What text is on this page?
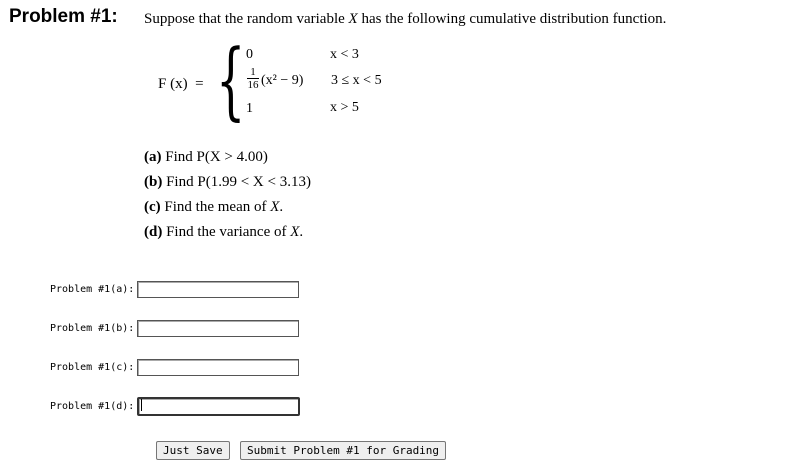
Problem #1: Suppose that the random variable X has the following cumulative distribution function.
F (x) = { 0
$\frac{1}{16} (x^2 - 9)$
1
x < 3
3 ≤ x < 5
x > 5
(a) Find P(X > 4.00)
(b) Find P(1.99 < X < 3.13)
(c) Find the mean of X.
(d) Find the variance of X.
Problem #1(a):
Problem #1(b):
Problem #1(c):
Problem #1(d):
Just Save	Submit Problem #1 for Grading
